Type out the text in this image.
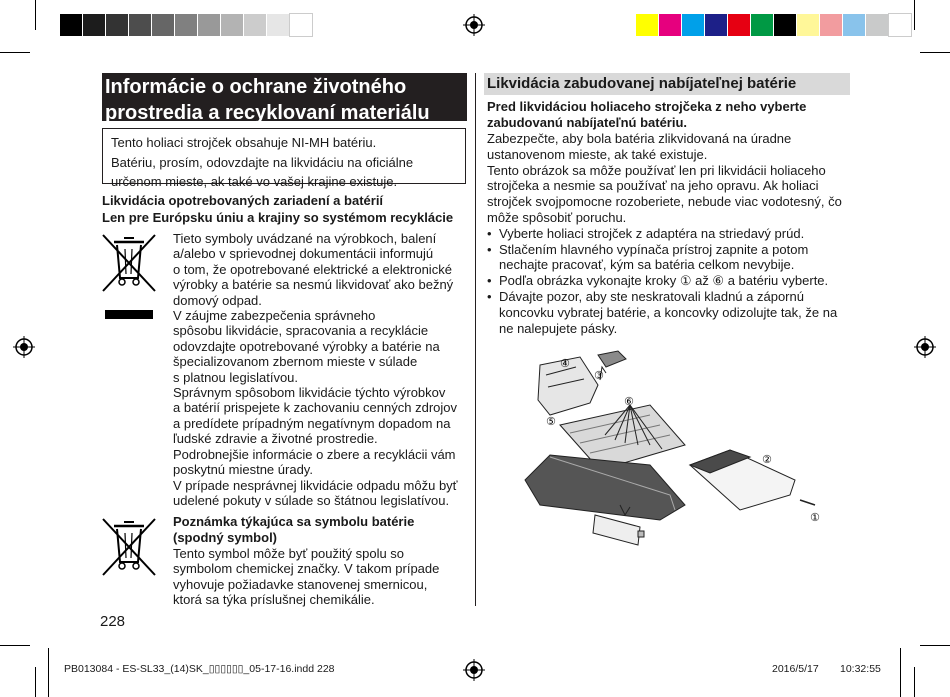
Informácie o ochrane životného
prostredia a recyklovaní materiálu
Tento holiaci strojček obsahuje NI-MH batériu.
Batériu, prosím, odovzdajte na likvidáciu na oficiálne
určenom mieste, ak také vo vašej krajine existuje.
Likvidácia opotrebovaných zariadení a batérií
Len pre Európsku úniu a krajiny so systémom recyklácie
Tieto symboly uvádzané na výrobkoch, balení
a/alebo v sprievodnej dokumentácii informujú
o tom, že opotrebované elektrické a elektronické
výrobky a batérie sa nesmú likvidovať ako bežný
domový odpad.
V záujme zabezpečenia správneho
spôsobu likvidácie, spracovania a recyklácie
odovzdajte opotrebované výrobky a batérie na
špecializovanom zbernom mieste v súlade
s platnou legislatívou.
Správnym spôsobom likvidácie týchto výrobkov
a batérií prispejete k zachovaniu cenných zdrojov
a predídete prípadným negatívnym dopadom na
ľudské zdravie a životné prostredie.
Podrobnejšie informácie o zbere a recyklácii vám
poskytnú miestne úrady.
V prípade nesprávnej likvidácie odpadu môžu byť
udelené pokuty v súlade so štátnou legislatívou.
Poznámka týkajúca sa symbolu batérie
(spodný symbol)
Tento symbol môže byť použitý spolu so
symbolom chemickej značky. V takom prípade
vyhovuje požiadavke stanovenej smernicou,
ktorá sa týka príslušnej chemikálie.
228
Likvidácia zabudovanej nabíjateľnej batérie
Pred likvidáciou holiaceho strojčeka z neho vyberte
zabudovanú nabíjateľnú batériu.
Zabezpečte, aby bola batéria zlikvidovaná na úradne
ustanovenom mieste, ak také existuje.
Tento obrázok sa môže používať len pri likvidácii holiaceho
strojčeka a nesmie sa používať na jeho opravu. Ak holiaci
strojček svojpomocne rozoberiete, nebude viac vodotesný, čo
môže spôsobiť poruchu.
• Vyberte holiaci strojček z adaptéra na striedavý prúd.
• Stlačením hlavného vypínača prístroj zapnite a potom
nechajte pracovať, kým sa batéria celkom nevybije.
• Podľa obrázka vykonajte kroky ① až ⑥ a batériu vyberte.
• Dávajte pozor, aby ste neskratovali kladnú a zápornú
koncovku vybratej batérie, a koncovky odizolujte tak, že na
ne nalepujete pásky.
④
③
⑥
⑤
②
①
PB013084 - ES-SL33_(14)SK_▯▯▯▯▯▯_05-17-16.indd 228	2016/5/17 10:32:55
